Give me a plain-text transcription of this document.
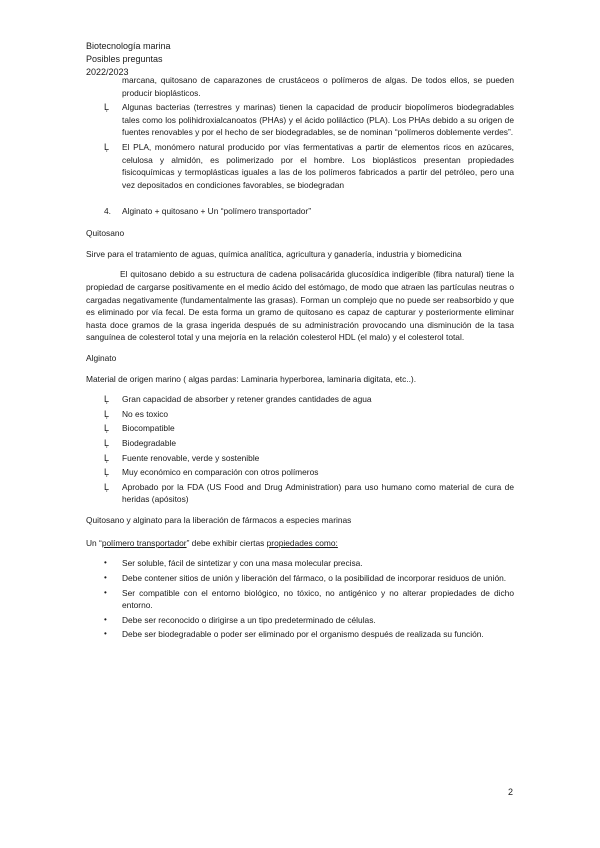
Biotecnología marina
Posibles preguntas
2022/2023

marcana, quitosano de caparazones de crustáceos o polímeros de algas. De todos ellos, se pueden producir bioplásticos.

Ļ Algunas bacterias (terrestres y marinas) tienen la capacidad de producir biopolímeros biodegradables tales como los polihidroxialcanoatos (PHAs) y el ácido poliláctico (PLA). Los PHAs debido a su origen de fuentes renovables y por el hecho de ser biodegradables, se de nominan “polímeros doblemente verdes”.
Ļ El PLA, monómero natural producido por vías fermentativas a partir de elementos ricos en azúcares, celulosa y almidón, es polimerizado por el hombre. Los bioplásticos presentan propiedades fisicoquímicas y termoplásticas iguales a las de los polímeros fabricados a partir del petróleo, pero una vez depositados en condiciones favorables, se biodegradan
4. Alginato + quitosano + Un “polímero transportador”

Quitosano

Sirve para el tratamiento de aguas, química analítica, agricultura y ganadería, industria y biomedicina

El quitosano debido a su estructura de cadena polisacárida glucosídica indigerible (fibra natural) tiene la propiedad de cargarse positivamente en el medio ácido del estómago, de modo que atraen las partículas neutras o cargadas negativamente (fundamentalmente las grasas). Forman un complejo que no puede ser reabsorbido y que es eliminado por vía fecal. De esta forma un gramo de quitosano es capaz de capturar y posteriormente eliminar hasta doce gramos de la grasa ingerida después de su administración provocando una disminución de la tasa sanguínea de colesterol total y una mejoría en la relación colesterol HDL (el malo) y el colesterol total.

Alginato

Material de origen marino ( algas pardas: Laminaria hyperborea, laminaria digitata, etc..).

Ļ Gran capacidad de absorber y retener grandes cantidades de agua
Ļ No es toxico
Ļ Biocompatible
Ļ Biodegradable
Ļ Fuente renovable, verde y sostenible
Ļ Muy económico en comparación con otros polímeros
Ļ Aprobado por la FDA (US Food and Drug Administration) para uso humano como material de cura de heridas (apósitos)

Quitosano y alginato para la liberación de fármacos a especies marinas

Un “polímero transportador” debe exhibir ciertas propiedades como:

• Ser soluble, fácil de sintetizar y con una masa molecular precisa.
• Debe contener sitios de unión y liberación del fármaco, o la posibilidad de incorporar residuos de unión.
• Ser compatible con el entorno biológico, no tóxico, no antigénico y no alterar propiedades de dicho entorno.
• Debe ser reconocido o dirigirse a un tipo predeterminado de células.
• Debe ser biodegradable o poder ser eliminado por el organismo después de realizada su función.
2
